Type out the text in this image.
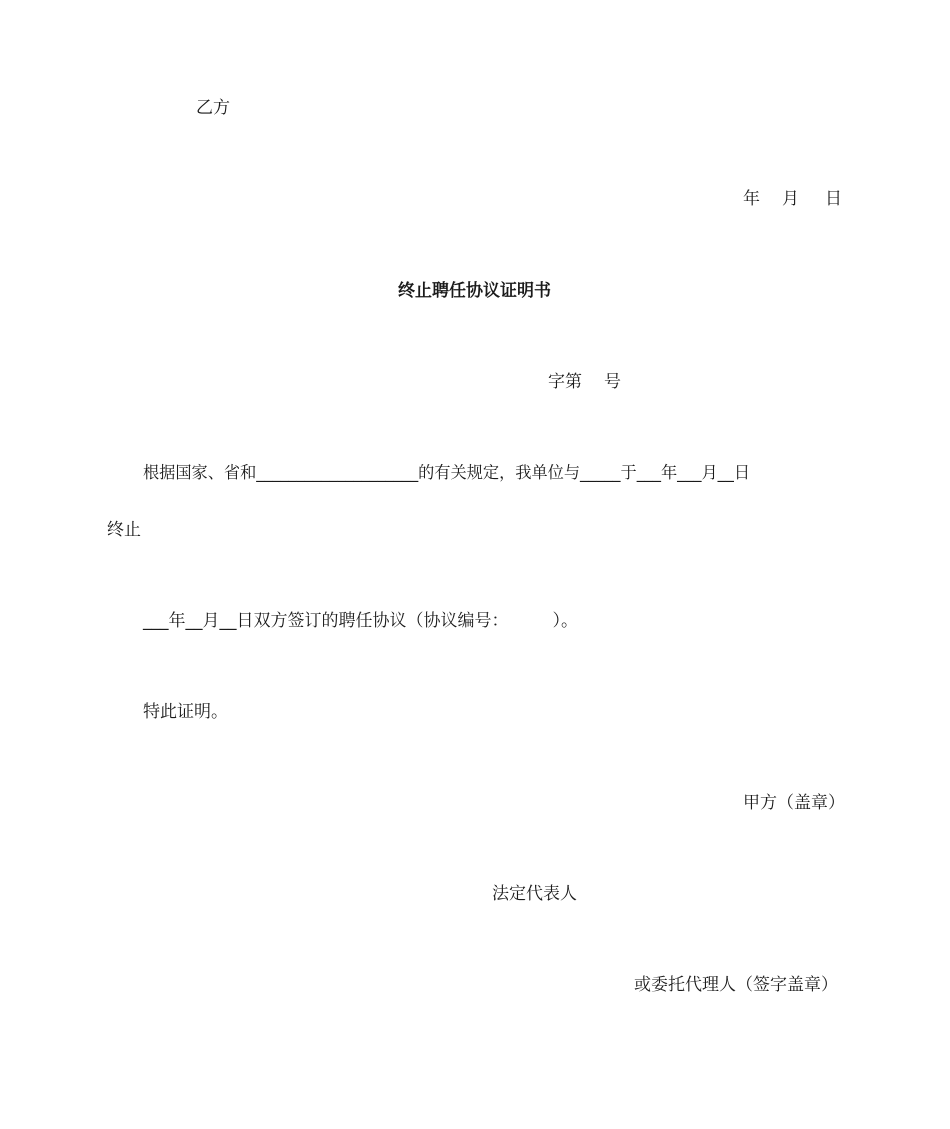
乙方
年 月 日
终止聘任协议证明书
字第 号
根据国家、省和____________________的有关规定，我单位与_____于___年___月__日
终止
___年__月__日双方签订的聘任协议（协议编号：	）。
特此证明。
甲方（盖章）
法定代表人
或委托代理人（签字盖章）
